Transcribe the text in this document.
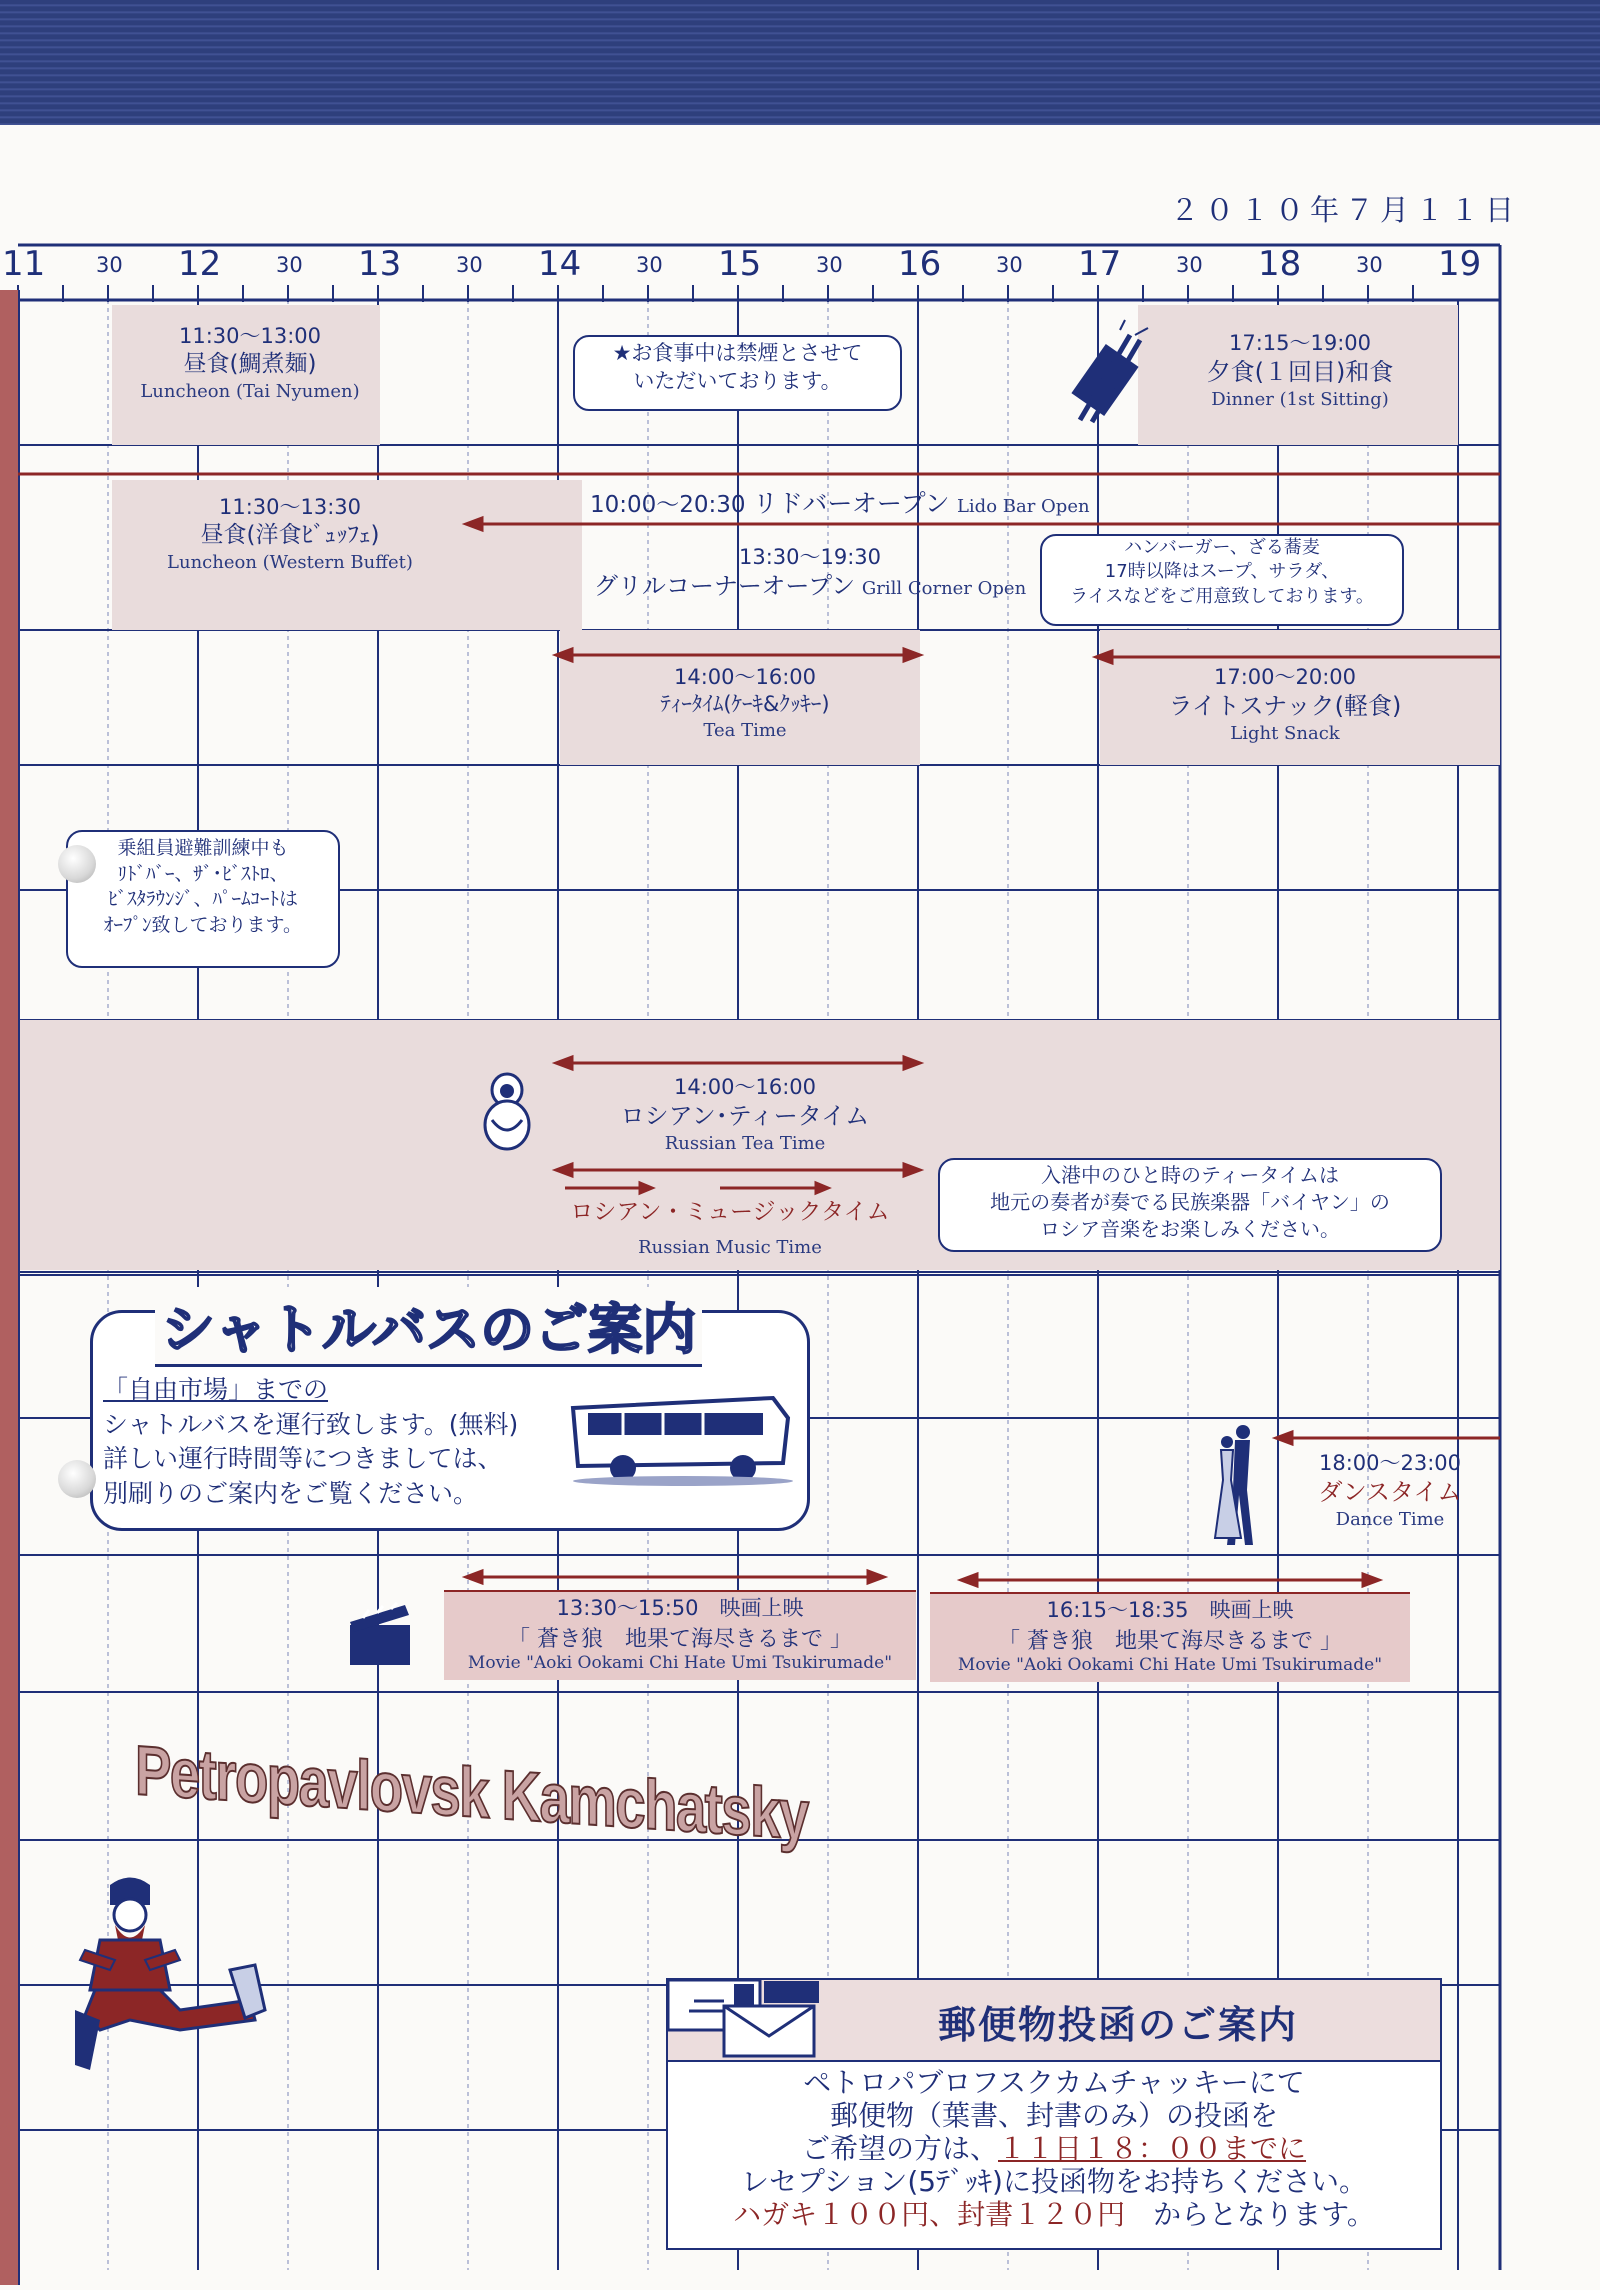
２０１０年７月１１日
11 30 12	30 13	30 14	30 15	30 16	30 17	30 18	30 19
11:30〜13:00
昼食(鯛煮麺)
Luncheon (Tai Nyumen)
★お食事中は禁煙とさせて
いただいております。
17:15〜19:00
夕食(１回目)和食
Dinner (1st Sitting)
10:00〜20:30 リドバーオープン Lido Bar Open
11:30〜13:30
昼食(洋食ﾋﾞｭｯﾌｪ)
Luncheon (Western Buffet)	13:30〜19:30
グリルコーナーオープン Grill Corner Open
ハンバーガー、ざる蕎麦
17時以降はスープ、サラダ、
ライスなどをご用意致しております。
14:00〜16:00
ﾃｨｰﾀｲﾑ(ｹｰｷ&ｸｯｷｰ)
Tea Time
17:00〜20:00
ライトスナック(軽食)
Light Snack
乗組員避難訓練中も
ﾘﾄﾞﾊﾞｰ、ｻﾞ･ﾋﾞｽﾄﾛ、
ﾋﾞｽﾀﾗｳﾝｼﾞ、ﾊﾟｰﾑｺｰﾄは
ｵｰﾌﾟﾝ致しております。
14:00〜16:00
ロシアン･ティータイム
Russian Tea Time
ロシアン・ミュージックタイム
Russian Music Time
入港中のひと時のティータイムは
地元の奏者が奏でる民族楽器「バイヤン」の
ロシア音楽をお楽しみください。
シャトルバスのご案内
「自由市場」までの
シャトルバスを運行致します。(無料)
詳しい運行時間等につきましては、
別刷りのご案内をご覧ください。
18:00〜23:00
ダンスタイム
Dance Time
13:30〜15:50　映画上映
「 蒼き狼　地果て海尽きるまで 」
Movie "Aoki Ookami Chi Hate Umi Tsukirumade"
16:15〜18:35　映画上映
「 蒼き狼　地果て海尽きるまで 」
Movie "Aoki Ookami Chi Hate Umi Tsukirumade"
Petropavlovsk Kamchatsky
郵便物投函のご案内
ペトロパブロフスクカムチャッキーにて
郵便物（葉書、封書のみ）の投函を
ご希望の方は、１１日１８：００までに
レセプション(5ﾃﾞｯｷ)に投函物をお持ちください。
ハガキ１００円、封書１２０円　 からとなります。
